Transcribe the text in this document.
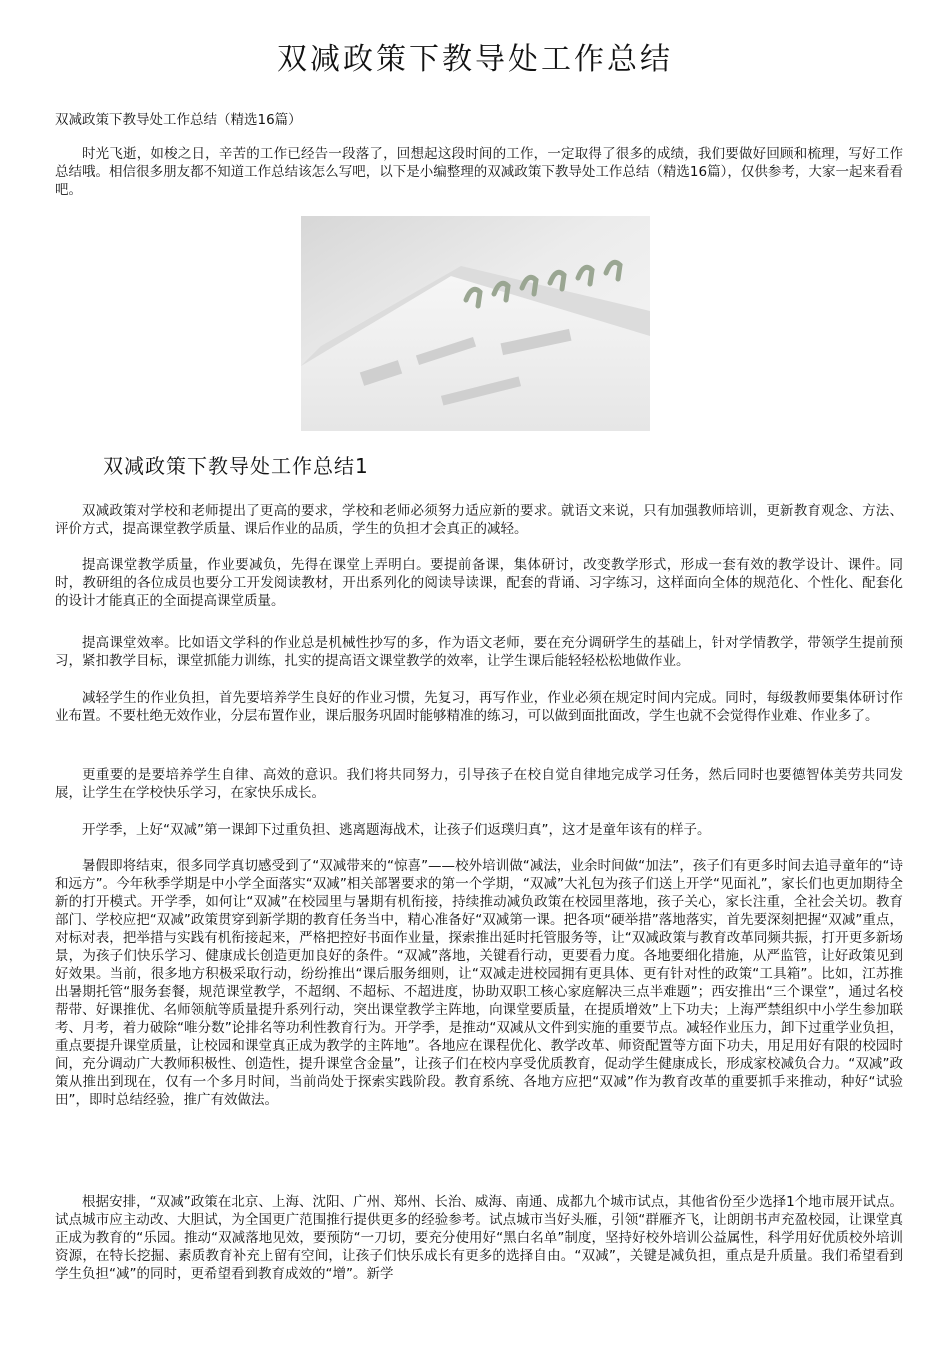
双减政策下教导处工作总结

双减政策下教导处工作总结（精选16篇）

时光飞逝，如梭之日，辛苦的工作已经告一段落了，回想起这段时间的工作，一定取得了很多的成绩，我们要做好回顾和梳理，写好工作总结哦。相信很多朋友都不知道工作总结该怎么写吧，以下是小编整理的双减政策下教导处工作总结（精选16篇），仅供参考，大家一起来看看吧。

双减政策下教导处工作总结1

双减政策对学校和老师提出了更高的要求，学校和老师必须努力适应新的要求。就语文来说，只有加强教师培训，更新教育观念、方法、评价方式，提高课堂教学质量、课后作业的品质，学生的负担才会真正的减轻。

提高课堂教学质量，作业要减负，先得在课堂上弄明白。要提前备课，集体研讨，改变教学形式，形成一套有效的教学设计、课件。同时，教研组的各位成员也要分工开发阅读教材，开出系列化的阅读导读课，配套的背诵、习字练习，这样面向全体的规范化、个性化、配套化的设计才能真正的全面提高课堂质量。

提高课堂效率。比如语文学科的作业总是机械性抄写的多，作为语文老师，要在充分调研学生的基础上，针对学情教学，带领学生提前预习，紧扣教学目标，课堂抓能力训练，扎实的提高语文课堂教学的效率，让学生课后能轻轻松松地做作业。

减轻学生的作业负担，首先要培养学生良好的作业习惯，先复习，再写作业，作业必须在规定时间内完成。同时，每级教师要集体研讨作业布置。不要杜绝无效作业，分层布置作业，课后服务巩固时能够精准的练习，可以做到面批面改，学生也就不会觉得作业难、作业多了。

更重要的是要培养学生自律、高效的意识。我们将共同努力，引导孩子在校自觉自律地完成学习任务，然后同时也要德智体美劳共同发展，让学生在学校快乐学习，在家快乐成长。

开学季，上好“双减”第一课卸下过重负担、逃离题海战术，让孩子们返璞归真”，这才是童年该有的样子。

暑假即将结束，很多同学真切感受到了“双减带来的“惊喜”——校外培训做“减法，业余时间做“加法”，孩子们有更多时间去追寻童年的“诗和远方”。今年秋季学期是中小学全面落实“双减”相关部署要求的第一个学期，“双减”大礼包为孩子们送上开学“见面礼”，家长们也更加期待全新的打开模式。开学季，如何让“双减”在校园里与暑期有机衔接，持续推动减负政策在校园里落地，孩子关心，家长注重，全社会关切。教育部门、学校应把“双减”政策贯穿到新学期的教育任务当中，精心准备好“双减第一课。把各项“硬举措”落地落实，首先要深刻把握“双减”重点，对标对表，把举措与实践有机衔接起来，严格把控好书面作业量，探索推出延时托管服务等，让“双减政策与教育改革同频共振，打开更多新场景，为孩子们快乐学习、健康成长创造更加良好的条件。“双减”落地，关键看行动，更要看力度。各地要细化措施，从严监管，让好政策见到好效果。当前，很多地方积极采取行动，纷纷推出“课后服务细则，让“双减走进校园拥有更具体、更有针对性的政策“工具箱”。比如，江苏推出暑期托管“服务套餐，规范课堂教学，不超纲、不超标、不超进度，协助双职工核心家庭解决三点半难题”；西安推出“三个课堂”，通过名校帮带、好课推优、名师领航等质量提升系列行动，突出课堂教学主阵地，向课堂要质量，在提质增效”上下功夫；上海严禁组织中小学生参加联考、月考，着力破除“唯分数”论排名等功利性教育行为。开学季，是推动“双减从文件到实施的重要节点。减轻作业压力，卸下过重学业负担，重点要提升课堂质量，让校园和课堂真正成为教学的主阵地”。各地应在课程优化、教学改革、师资配置等方面下功夫，用足用好有限的校园时间，充分调动广大教师积极性、创造性，提升课堂含金量”，让孩子们在校内享受优质教育，促动学生健康成长，形成家校减负合力。“双减”政策从推出到现在，仅有一个多月时间，当前尚处于探索实践阶段。教育系统、各地方应把“双减”作为教育改革的重要抓手来推动，种好“试验田”，即时总结经验，推广有效做法。

根据安排，“双减”政策在北京、上海、沈阳、广州、郑州、长治、威海、南通、成都九个城市试点，其他省份至少选择1个地市展开试点。试点城市应主动改、大胆试，为全国更广范围推行提供更多的经验参考。试点城市当好头雁，引领“群雁齐飞，让朗朗书声充盈校园，让课堂真正成为教育的“乐园。推动“双减落地见效，要预防“一刀切，要充分使用好“黑白名单”制度，坚持好校外培训公益属性，科学用好优质校外培训资源，在特长挖掘、素质教育补充上留有空间，让孩子们快乐成长有更多的选择自由。“双减”，关键是减负担，重点是升质量。我们希望看到学生负担“减”的同时，更希望看到教育成效的“增”。新学
